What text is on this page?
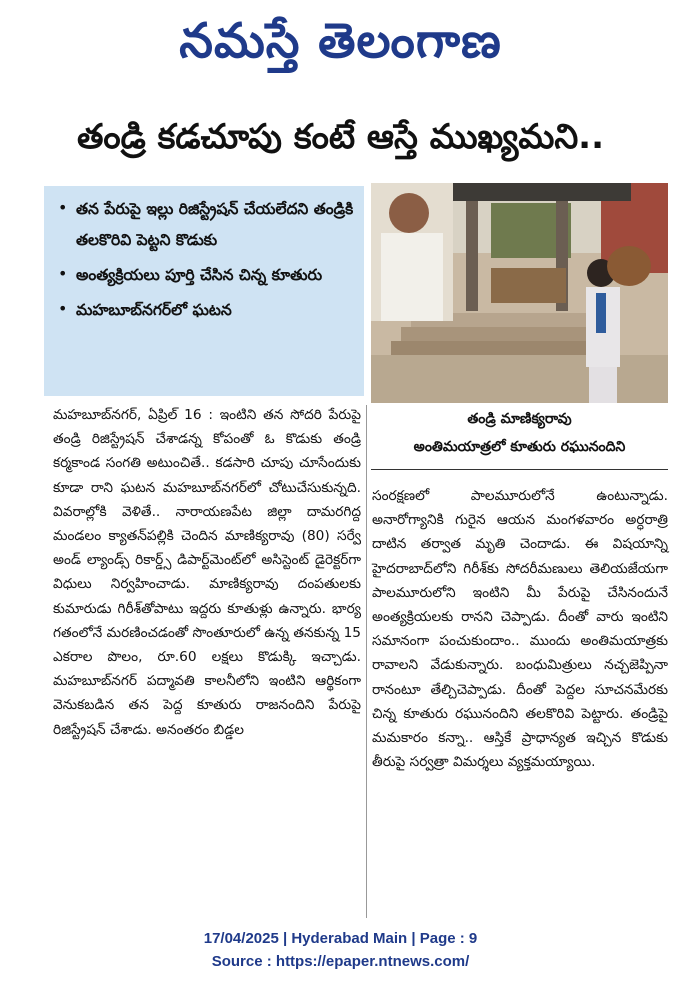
నమస్తే తెలంగాణ
తండ్రి కడచూపు కంటే ఆస్తే ముఖ్యమని..
• తన పేరుపై ఇల్లు రిజిస్ట్రేషన్ చేయలేదని తండ్రికి తలకొరివి పెట్టని కొడుకు
• అంత్యక్రియలు పూర్తి చేసిన చిన్న కూతురు
• మహబూబ్‌నగర్‌లో ఘటన
తండ్రి మాణిక్యరావు
అంతిమయాత్రలో కూతురు రఘునందిని

మహబూబ్‌నగర్, ఏప్రిల్ 16 : ఇంటిని తన సోదరి పేరుపై తండ్రి రిజిస్ట్రేషన్ చేశాడన్న కోపంతో ఓ కొడుకు తండ్రి కర్మకాండ సంగతి అటుంచితే.. కడసారి చూపు చూసేందుకు కూడా రాని ఘటన మహబూబ్‌నగర్‌లో చోటుచేసుకున్నది. వివరాల్లోకి వెళితే.. నారాయణపేట జిల్లా దామరగిద్ద మండలం క్యాతన్‌పల్లికి చెందిన మాణిక్యరావు (80) సర్వే అండ్ ల్యాండ్స్ రికార్డ్స్ డిపార్ట్‌మెంట్‌లో అసిస్టెంట్ డైరెక్టర్‌గా విధులు నిర్వహించాడు. మాణిక్యరావు దంపతులకు కుమారుడు గిరీశ్‌తోపాటు ఇద్దరు కూతుళ్లు ఉన్నారు. భార్య గతంలోనే మరణించడంతో సొంతూరులో ఉన్న తనకున్న 15 ఎకరాల పొలం, రూ.60 లక్షలు కొడుక్కి ఇచ్చాడు. మహబూబ్‌నగర్ పద్మావతి కాలనీలోని ఇంటిని ఆర్థికంగా వెనుకబడిన తన పెద్ద కూతురు రాజనందిని పేరుపై రిజిస్ట్రేషన్ చేశాడు. అనంతరం బిడ్డల

సంరక్షణలో పాలమూరులోనే ఉంటున్నాడు. అనారోగ్యానికి గురైన ఆయన మంగళవారం అర్ధరాత్రి దాటిన తర్వాత మృతి చెందాడు. ఈ విషయాన్ని హైదరాబాద్‌లోని గిరీశ్‌కు సోదరీమణులు తెలియజేయగా పాలమూరులోని ఇంటిని మీ పేరుపై చేసినందునే అంత్యక్రియలకు రానని చెప్పాడు. దీంతో వారు ఇంటిని సమానంగా పంచుకుందాం.. ముందు అంతిమయాత్రకు రావాలని వేడుకున్నారు. బంధుమిత్రులు నచ్చజెప్పినా రానంటూ తేల్చిచెప్పాడు. దీంతో పెద్దల సూచనమేరకు చిన్న కూతురు రఘునందిని తలకొరివి పెట్టారు. తండ్రిపై మమకారం కన్నా.. ఆస్తికే ప్రాధాన్యత ఇచ్చిన కొడుకు తీరుపై సర్వత్రా విమర్శలు వ్యక్తమయ్యాయి.

17/04/2025 | Hyderabad Main | Page : 9
Source : https://epaper.ntnews.com/
